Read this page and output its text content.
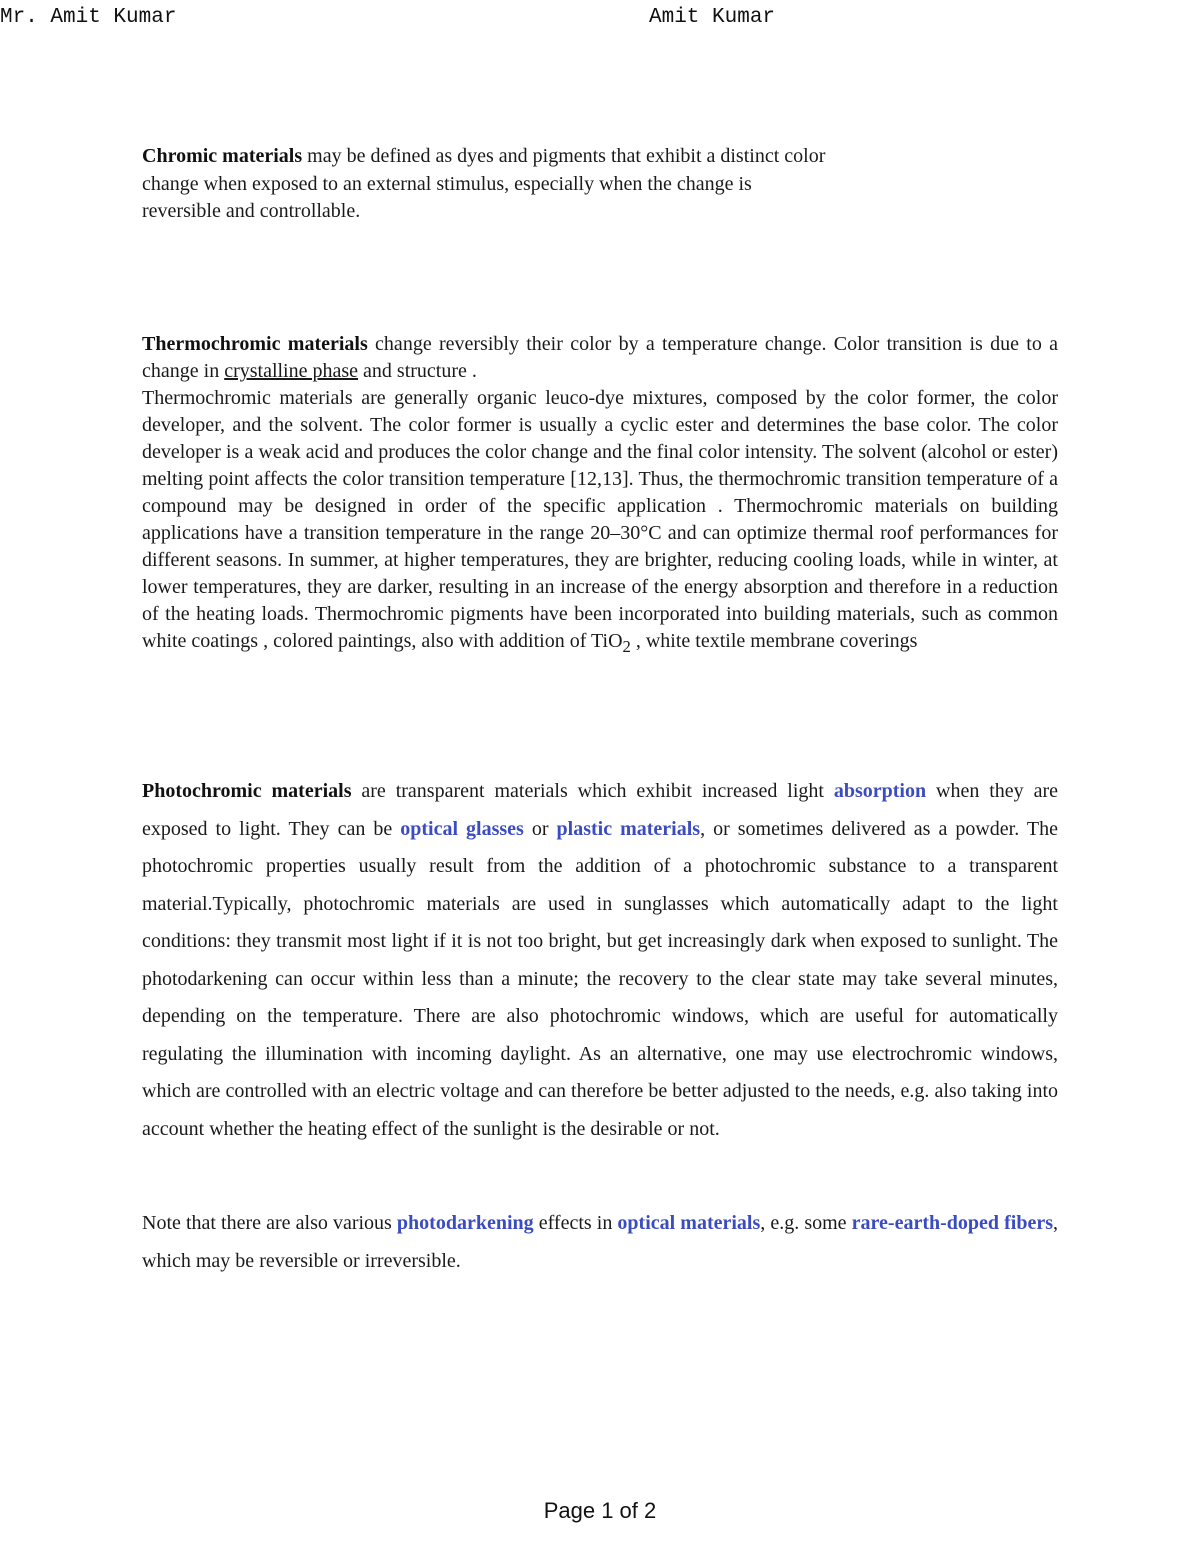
Mr. Amit Kumar	Amit Kumar

Chromic materials may be defined as dyes and pigments that exhibit a distinct color change when exposed to an external stimulus, especially when the change is reversible and controllable.

Thermochromic materials change reversibly their color by a temperature change. Color transition is due to a change in crystalline phase and structure .
Thermochromic materials are generally organic leuco-dye mixtures, composed by the color former, the color developer, and the solvent. The color former is usually a cyclic ester and determines the base color. The color developer is a weak acid and produces the color change and the final color intensity. The solvent (alcohol or ester) melting point affects the color transition temperature [12,13]. Thus, the thermochromic transition temperature of a compound may be designed in order of the specific application . Thermochromic materials on building applications have a transition temperature in the range 20–30°C and can optimize thermal roof performances for different seasons. In summer, at higher temperatures, they are brighter, reducing cooling loads, while in winter, at lower temperatures, they are darker, resulting in an increase of the energy absorption and therefore in a reduction of the heating loads. Thermochromic pigments have been incorporated into building materials, such as common white coatings , colored paintings, also with addition of TiO$_2$ , white textile membrane coverings

Photochromic materials are transparent materials which exhibit increased light absorption when they are exposed to light. They can be optical glasses or plastic materials, or sometimes delivered as a powder. The photochromic properties usually result from the addition of a photochromic substance to a transparent material.Typically, photochromic materials are used in sunglasses which automatically adapt to the light conditions: they transmit most light if it is not too bright, but get increasingly dark when exposed to sunlight. The photodarkening can occur within less than a minute; the recovery to the clear state may take several minutes, depending on the temperature. There are also photochromic windows, which are useful for automatically regulating the illumination with incoming daylight. As an alternative, one may use electrochromic windows, which are controlled with an electric voltage and can therefore be better adjusted to the needs, e.g. also taking into account whether the heating effect of the sunlight is the desirable or not.

Note that there are also various photodarkening effects in optical materials, e.g. some rare-earth-doped fibers, which may be reversible or irreversible.

Page 1 of 2
